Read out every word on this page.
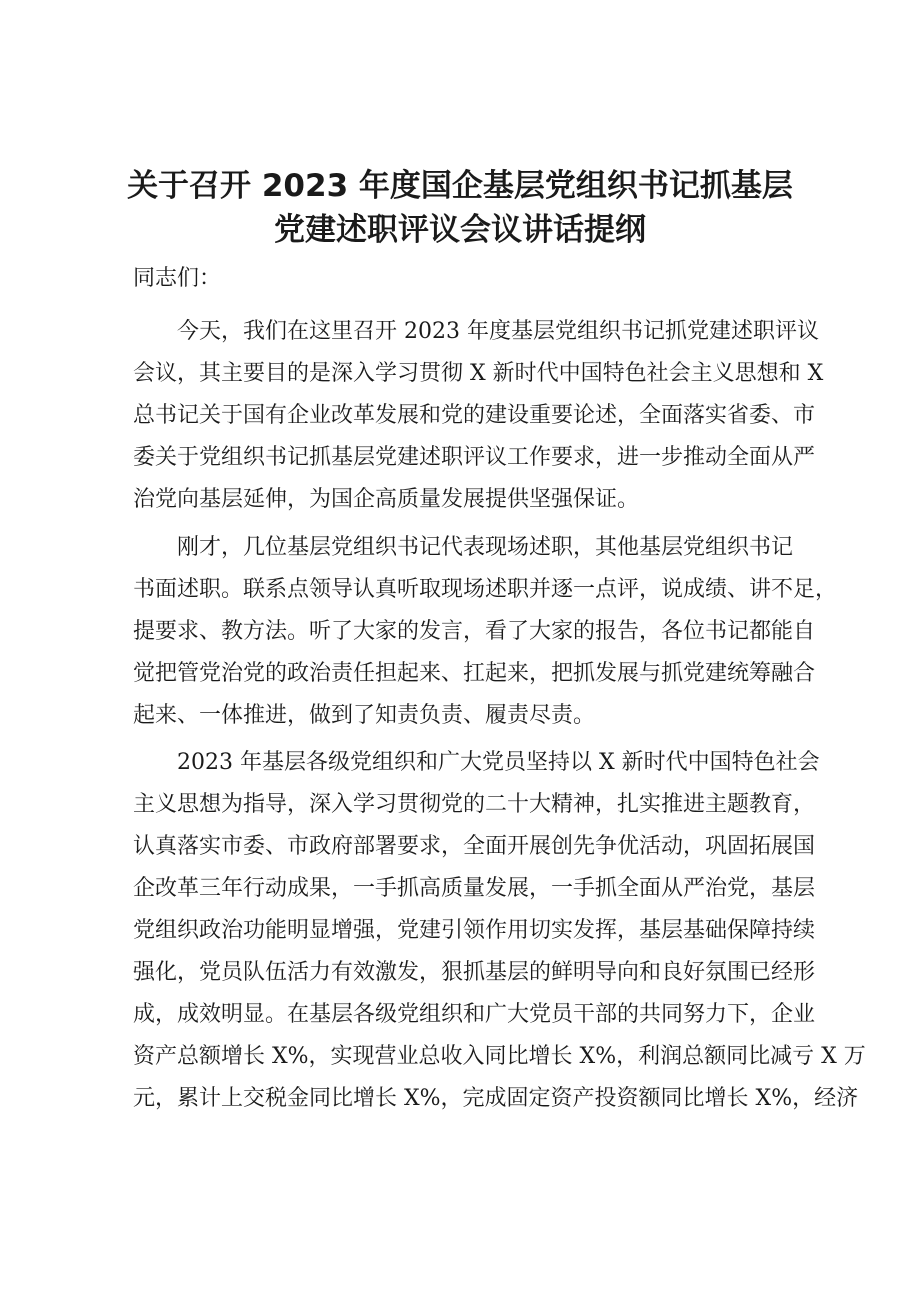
关于召开 2023 年度国企基层党组织书记抓基层
党建述职评议会议讲话提纲

同志们：

今天，我们在这里召开 2023 年度基层党组织书记抓党建述职评议
会议，其主要目的是深入学习贯彻 X 新时代中国特色社会主义思想和 X
总书记关于国有企业改革发展和党的建设重要论述，全面落实省委、市
委关于党组织书记抓基层党建述职评议工作要求，进一步推动全面从严
治党向基层延伸，为国企高质量发展提供坚强保证。
刚才，几位基层党组织书记代表现场述职，其他基层党组织书记
书面述职。联系点领导认真听取现场述职并逐一点评，说成绩、讲不足，
提要求、教方法。听了大家的发言，看了大家的报告，各位书记都能自
觉把管党治党的政治责任担起来、扛起来，把抓发展与抓党建统筹融合
起来、一体推进，做到了知责负责、履责尽责。
2023 年基层各级党组织和广大党员坚持以 X 新时代中国特色社会
主义思想为指导，深入学习贯彻党的二十大精神，扎实推进主题教育，
认真落实市委、市政府部署要求，全面开展创先争优活动，巩固拓展国
企改革三年行动成果，一手抓高质量发展，一手抓全面从严治党，基层
党组织政治功能明显增强，党建引领作用切实发挥，基层基础保障持续
强化，党员队伍活力有效激发，狠抓基层的鲜明导向和良好氛围已经形
成，成效明显。在基层各级党组织和广大党员干部的共同努力下，企业
资产总额增长 X%，实现营业总收入同比增长 X%，利润总额同比减亏 X 万
元，累计上交税金同比增长 X%，完成固定资产投资额同比增长 X%，经济
